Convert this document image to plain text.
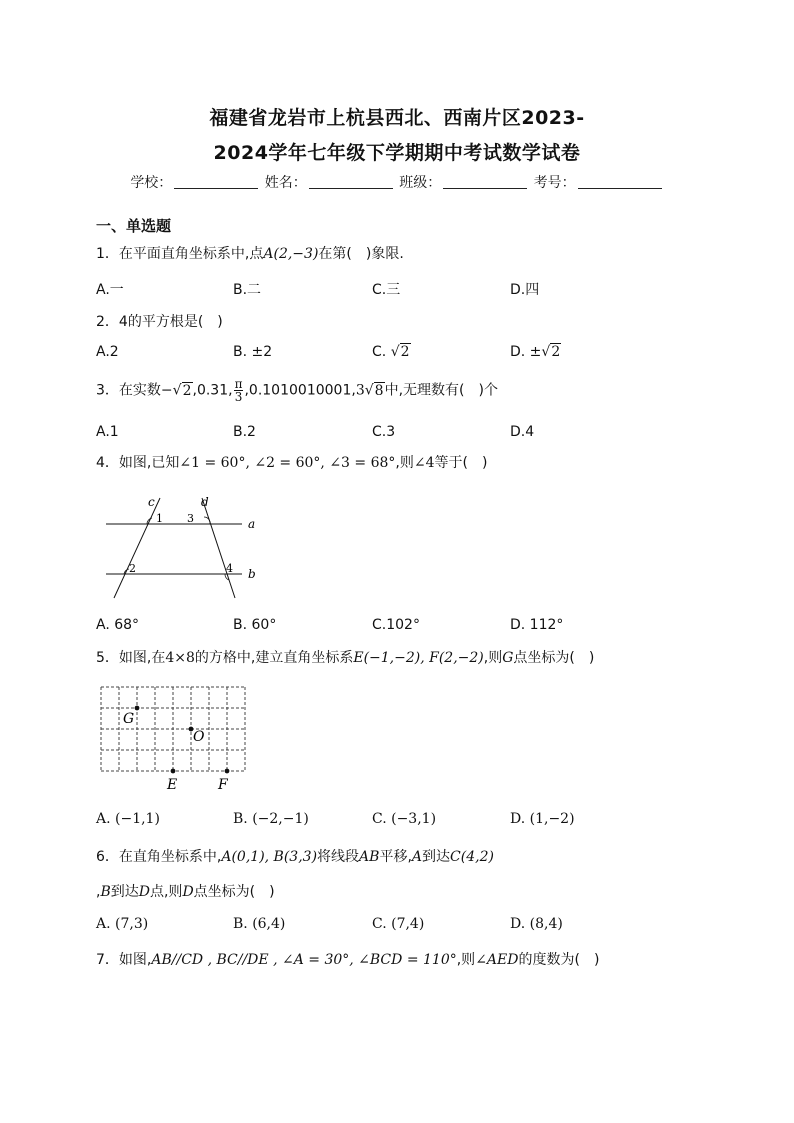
福建省龙岩市上杭县西北、西南片区2023-
2024学年七年级下学期期中考试数学试卷
学校：	姓名：	班级：	考号：
一、单选题
1．在平面直角坐标系中,点A(2,−3)在第(　)象限.
A.一	B.二	C.三	D.四
2．4的平方根是(　)
A.2	B. ±2	C. √2	D. ±√2
3．在实数−√2,0.31, $\frac{\pi}{3} ,0.1010010001,3√8$中,无理数有(　)个
A.1	B.2	C.3	D.4
4．如图,已知∠1 = 60°, ∠2 = 60°, ∠3 = 68°,则∠4等于(　)
c	d
a
b
1 3
2	4
A. 68°	B. 60°	C.102°	D. 112°
5．如图,在4×8的方格中,建立直角坐标系E(−1,−2), F(2,−2),则G点坐标为(　)
G
O
E	F
A. (−1,1)	B. (−2,−1)	C. (−3,1)	D. (1,−2)
6．在直角坐标系中,A(0,1), B(3,3)将线段AB平移,A到达C(4,2)
,B到达D点,则D点坐标为(　)
A. (7,3)	B. (6,4)	C. (7,4)	D. (8,4)
7．如图,AB//CD , BC//DE , ∠A = 30°, ∠BCD = 110°,则∠AED的度数为(　)
